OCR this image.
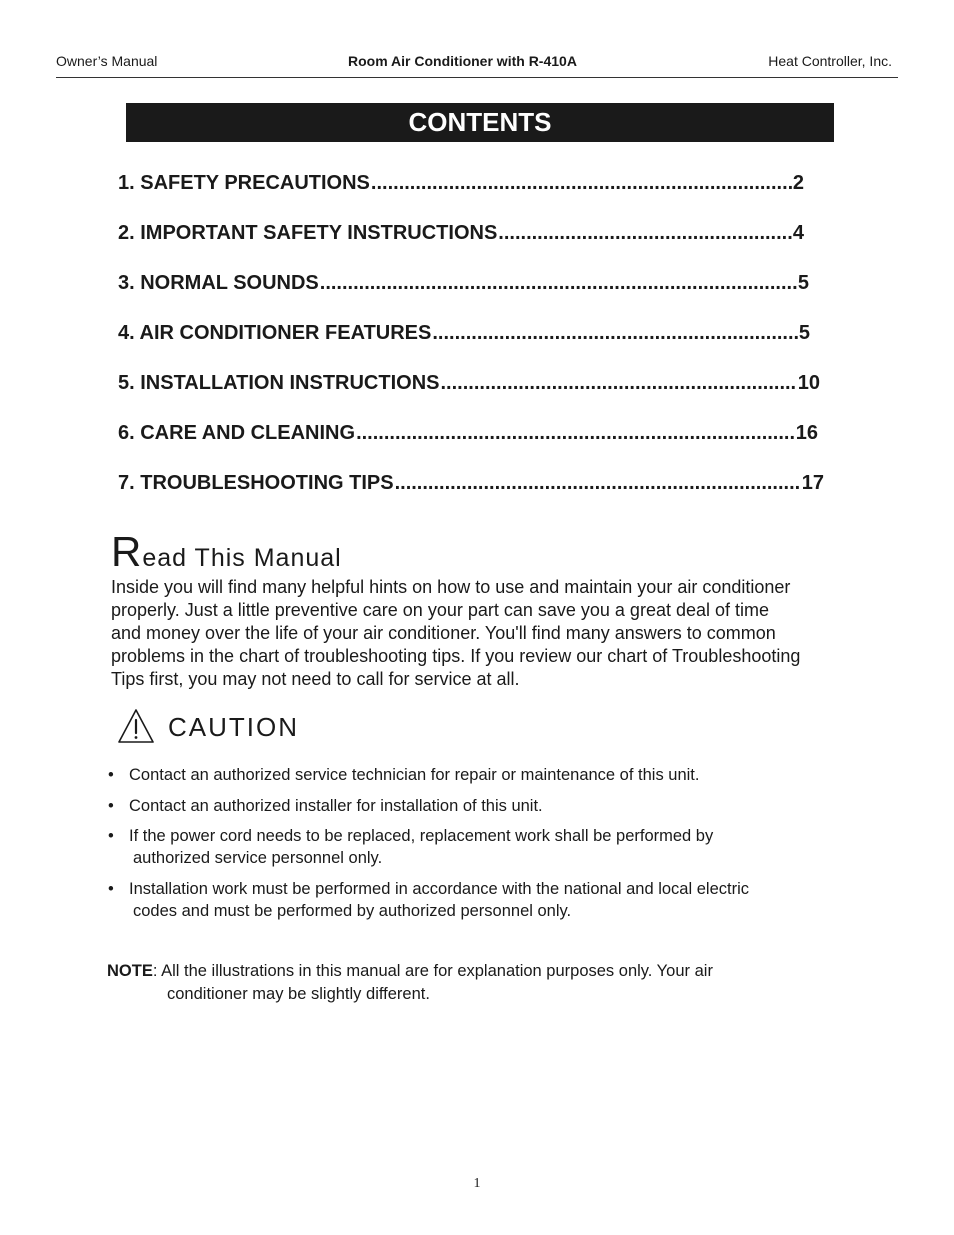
Owner’s Manual	Room Air Conditioner with R-410A	Heat Controller, Inc.
CONTENTS
1. SAFETY PRECAUTIONS .....	2
2. IMPORTANT SAFETY INSTRUCTIONS .....	4
3. NORMAL SOUNDS .....	5
4. AIR CONDITIONER FEATURES .....	5
5. INSTALLATION INSTRUCTIONS .....	10
6. CARE AND CLEANING .....	16
7. TROUBLESHOOTING TIPS .....	17
Read This Manual
Inside you will find many helpful hints on how to use and maintain your air conditioner
properly. Just a little preventive care on your part can save you a great deal of time
and money over the life of your air conditioner. You'll find many answers to common
problems in the chart of troubleshooting tips. If you review our chart of Troubleshooting
Tips first, you may not need to call for service at all.
CAUTION
• Contact an authorized service technician for repair or maintenance of this unit.
• Contact an authorized installer for installation of this unit.
• If the power cord needs to be replaced, replacement work shall be performed by
authorized service personnel only.
• Installation work must be performed in accordance with the national and local electric
codes and must be performed by authorized personnel only.
NOTE: All the illustrations in this manual are for explanation purposes only. Your air
conditioner may be slightly different.
1
